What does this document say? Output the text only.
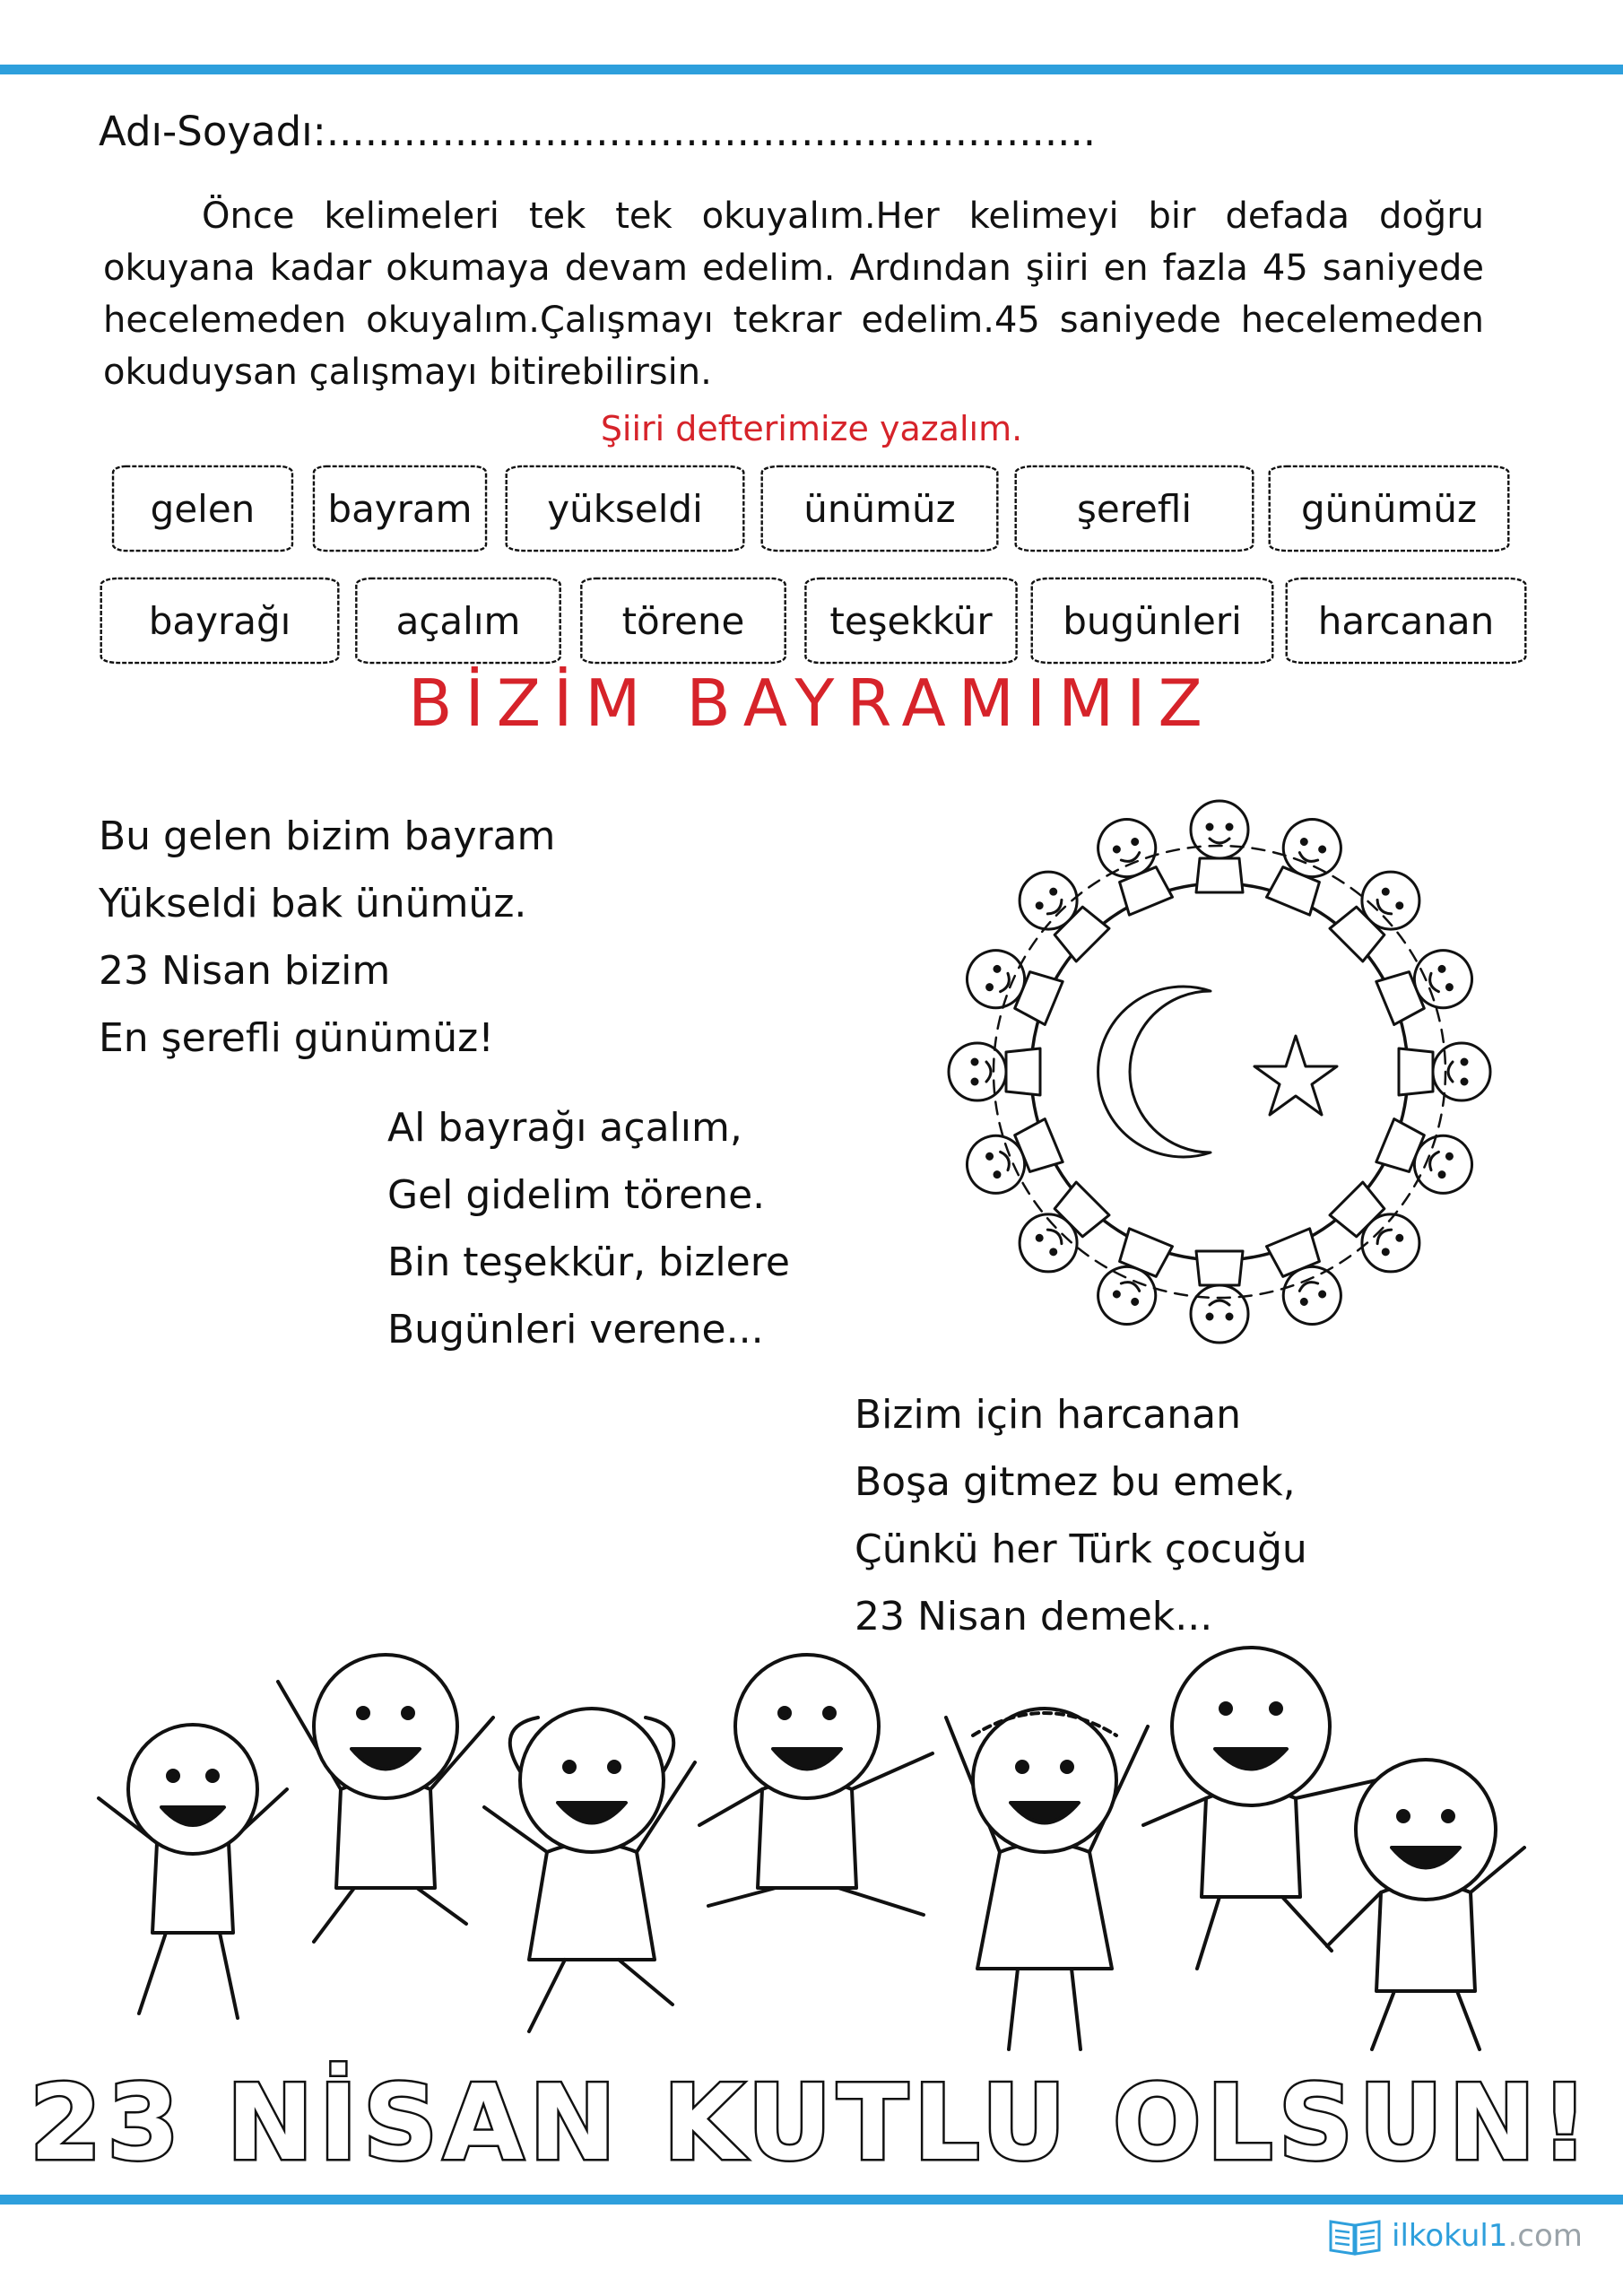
Adı-Soyadı:............................................................

Önce kelimeleri tek tek okuyalım.Her kelimeyi bir defada doğru okuyana kadar okumaya devam edelim. Ardından şiiri en fazla 45 saniyede hecelemeden okuyalım.Çalışmayı tekrar edelim.45 saniyede hecelemeden okuduysan çalışmayı bitirebilirsin.

Şiiri defterimize yazalım.
gelen bayram yükseldi	ünümüz	şerefli	günümüz
bayrağı	açalım	törene teşekkür bugünleri harcanan
BİZİM BAYRAMIMIZ
Bu gelen bizim bayram
Yükseldi bak ünümüz.
23 Nisan bizim
En şerefli günümüz!
Al bayrağı açalım,
Gel gidelim törene.
Bin teşekkür, bizlere
Bugünleri verene...
Bizim için harcanan
Boşa gitmez bu emek,
Çünkü her Türk çocuğu
23 Nisan demek...
23 NİSAN KUTLU OLSUN!
ilkokul1.com
